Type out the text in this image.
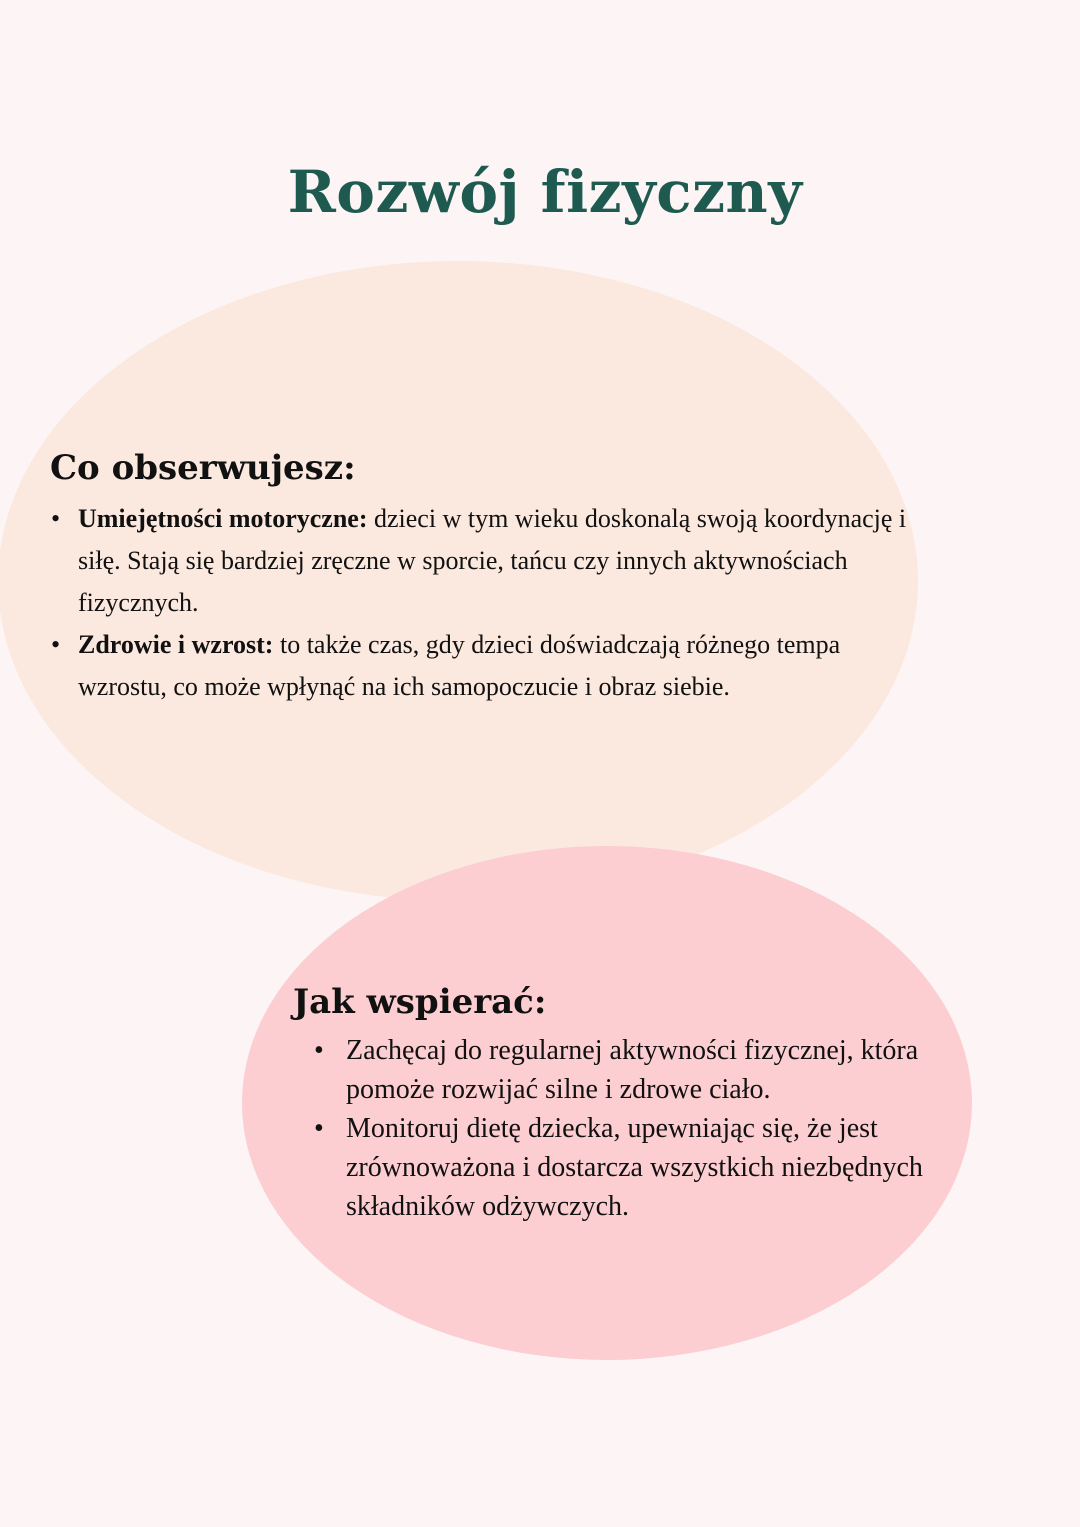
Rozwój fizyczny
Co obserwujesz:
• Umiejętności motoryczne: dzieci w tym wieku doskonalą swoją koordynację i siłę. Stają się bardziej zręczne w sporcie, tańcu czy innych aktywnościach fizycznych.
• Zdrowie i wzrost: to także czas, gdy dzieci doświadczają różnego tempa wzrostu, co może wpłynąć na ich samopoczucie i obraz siebie.
Jak wspierać:
• Zachęcaj do regularnej aktywności fizycznej, która pomoże rozwijać silne i zdrowe ciało.
• Monitoruj dietę dziecka, upewniając się, że jest zrównoważona i dostarcza wszystkich niezbędnych składników odżywczych.
